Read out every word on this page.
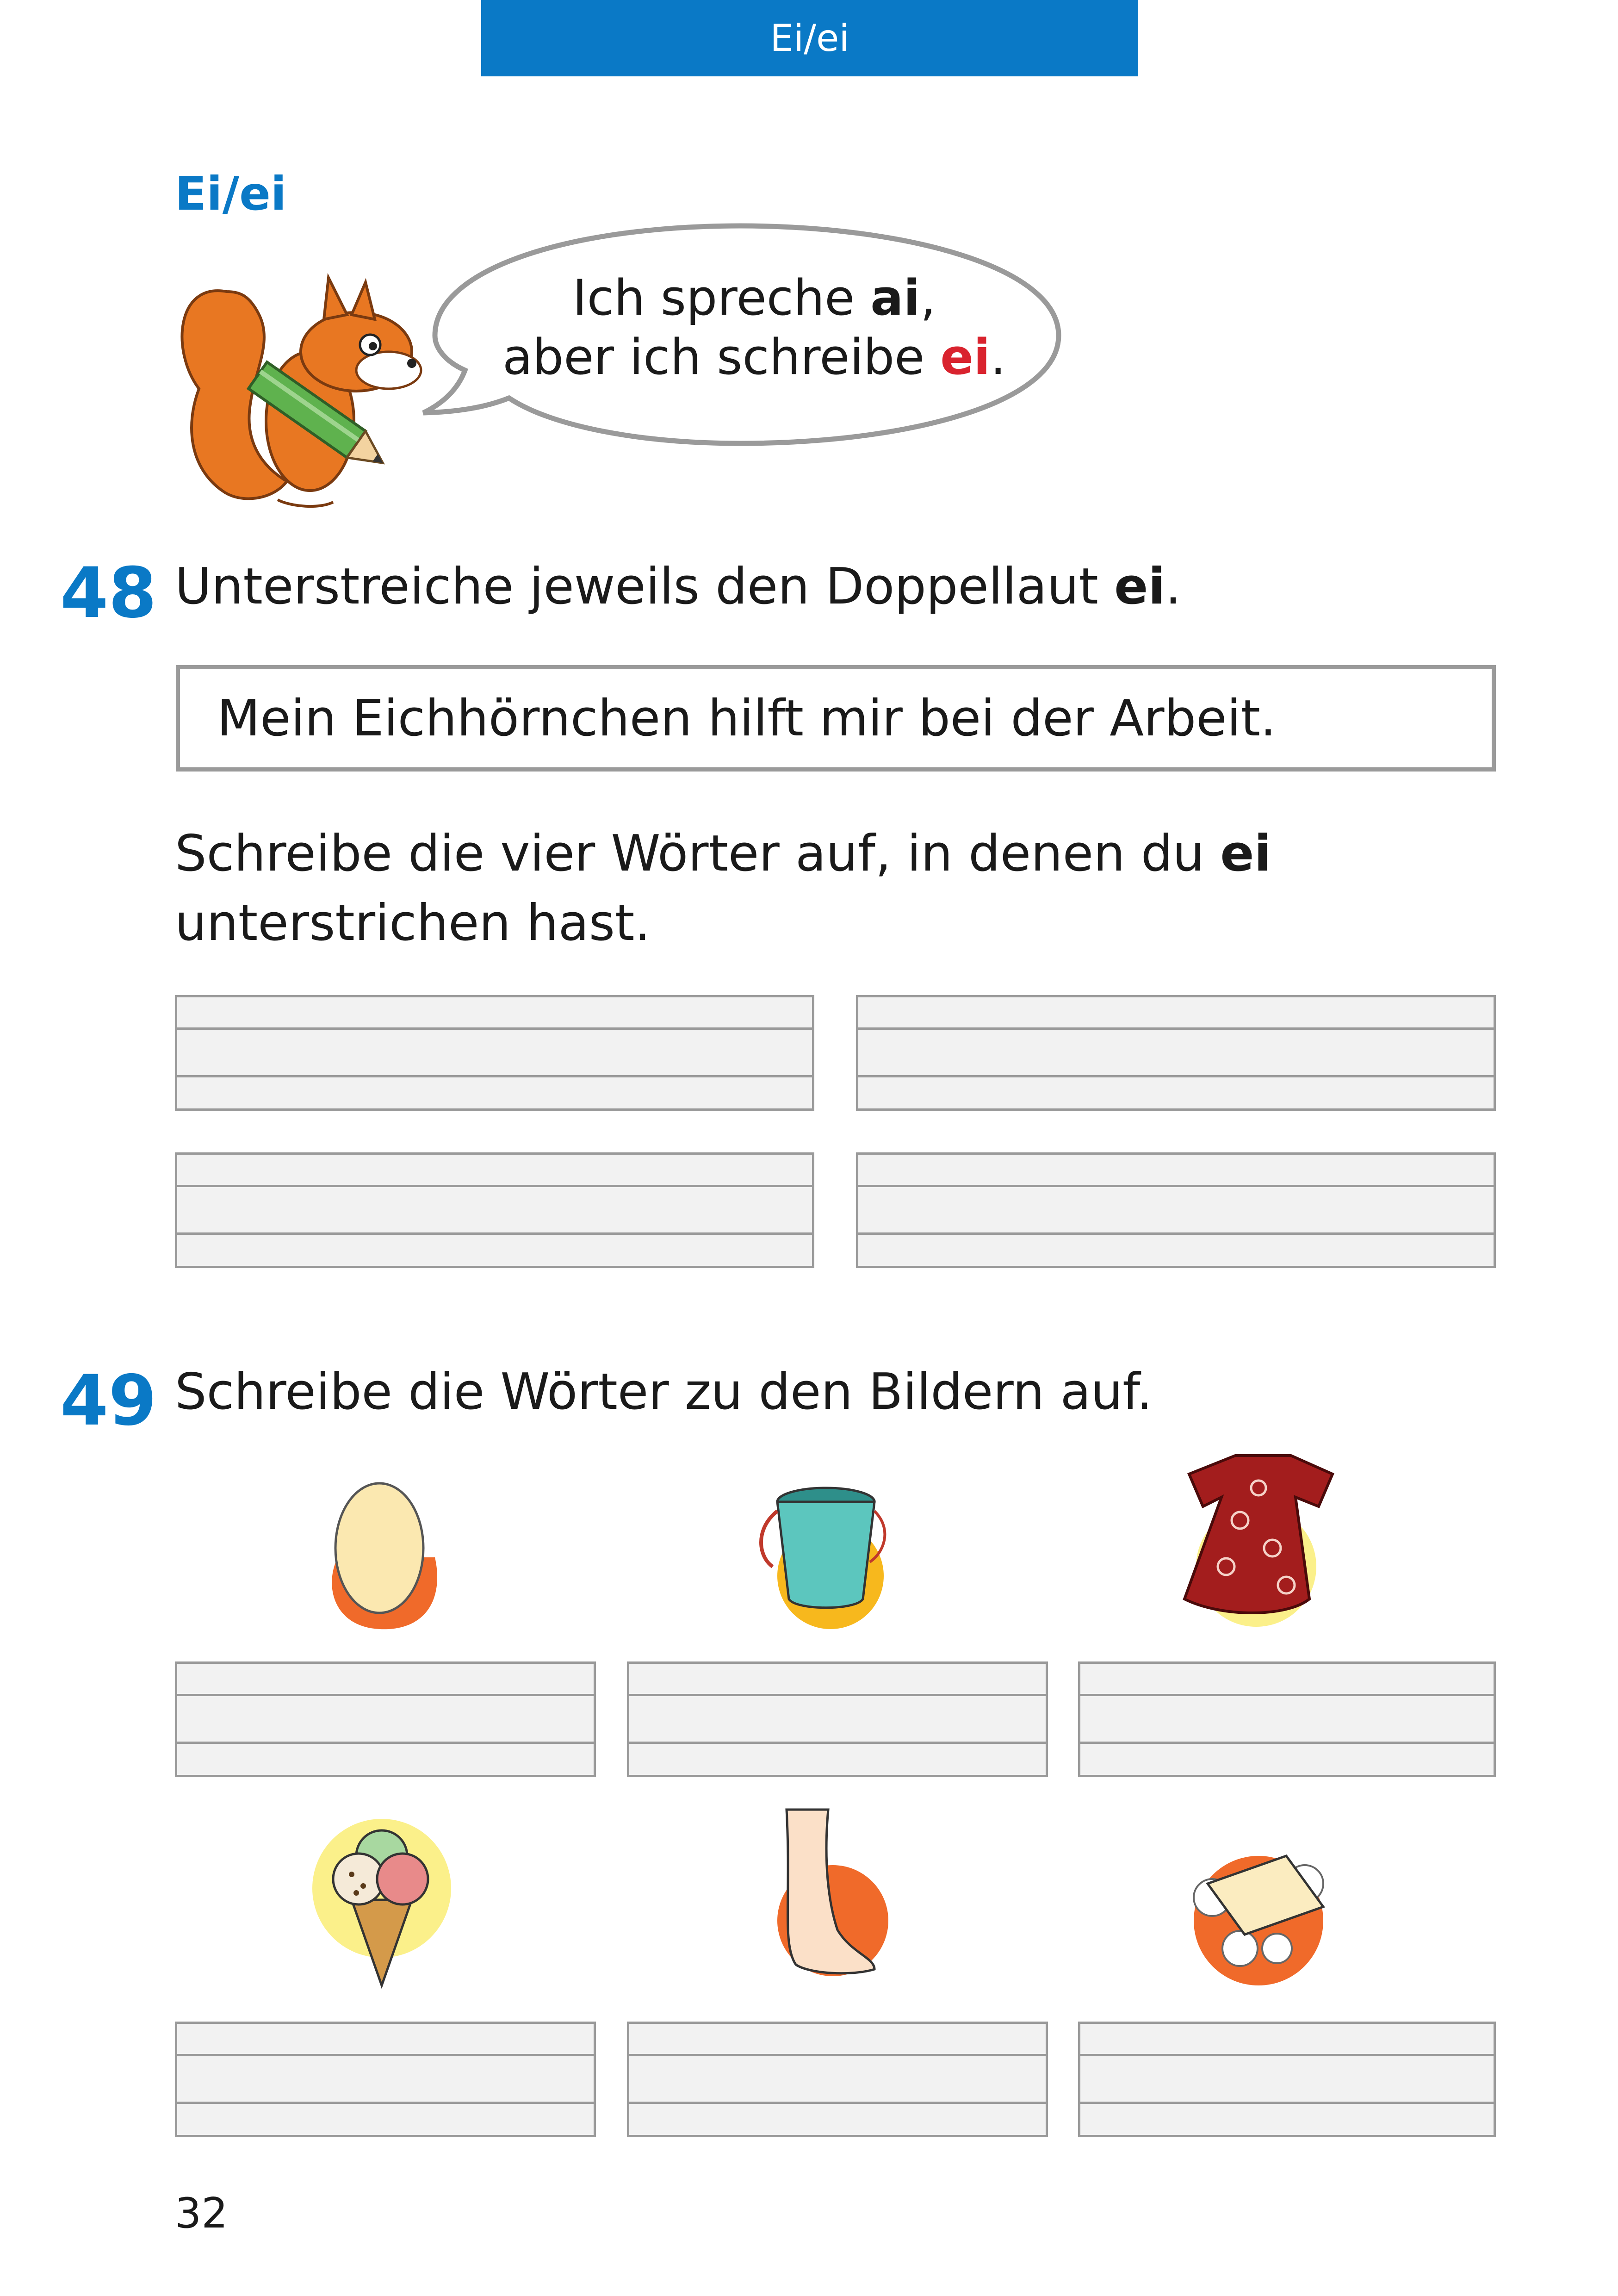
Ei/ei
Ei/ei
Ich spreche ai,
aber ich schreibe ei.
48 Unterstreiche jeweils den Doppellaut ei.
Mein Eichhörnchen hilft mir bei der Arbeit.
Schreibe die vier Wörter auf, in denen du ei unterstrichen hast.
49 Schreibe die Wörter zu den Bildern auf.
32
